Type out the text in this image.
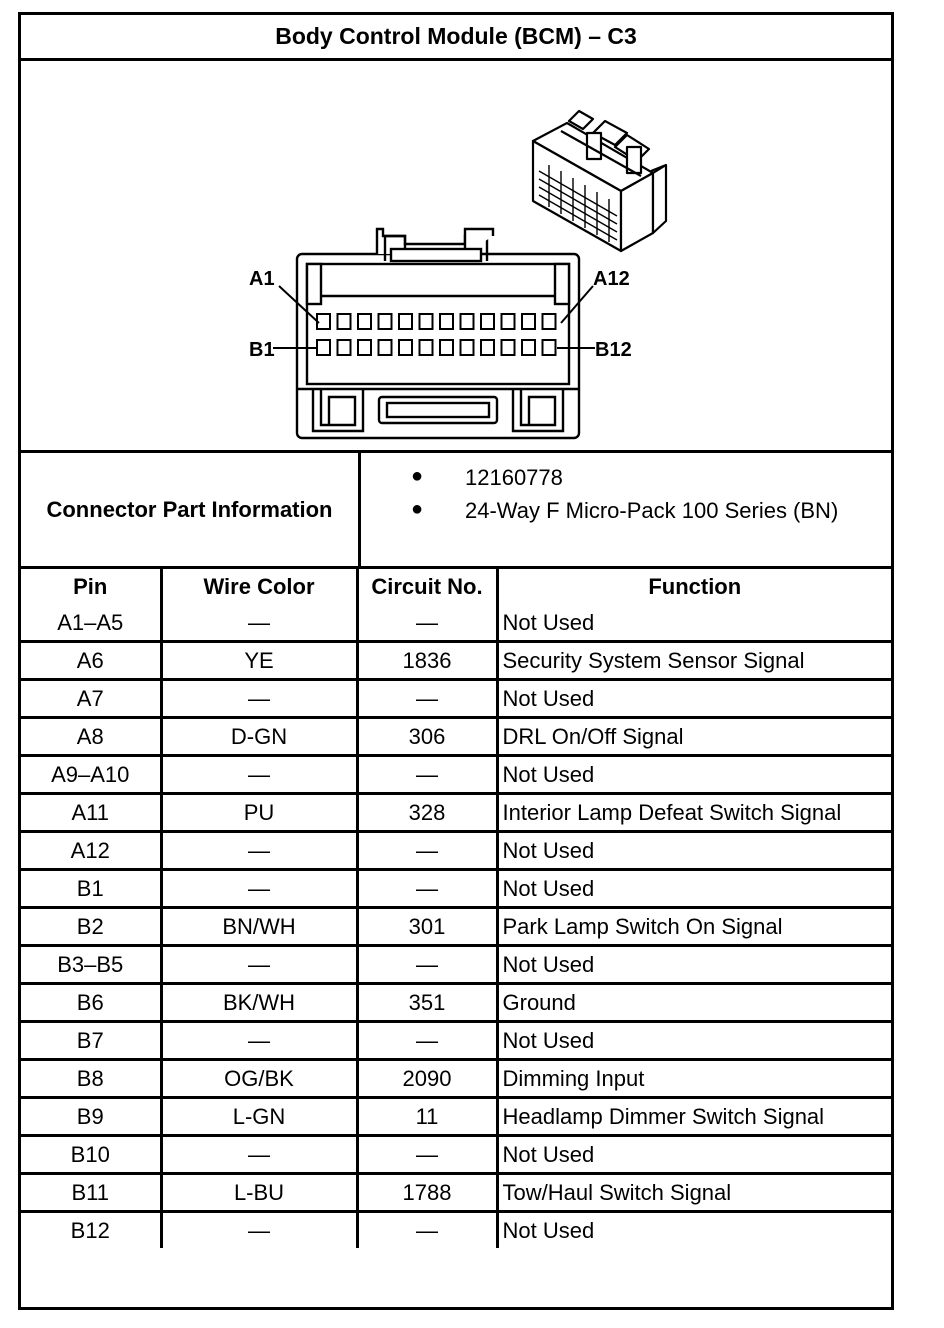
Body Control Module (BCM) – C3
A1	A12
B1	B12
Connector Part Information
● 12160778
● 24-Way F Micro-Pack 100 Series (BN)
Pin	Wire Color	Circuit No.	Function
A1–A5	—	—	Not Used
A6	YE	1836	Security System Sensor Signal
A7	—	—	Not Used
A8	D-GN	306	DRL On/Off Signal
A9–A10	—	—	Not Used
A11	PU	328	Interior Lamp Defeat Switch Signal
A12	—	—	Not Used
B1	—	—	Not Used
B2	BN/WH	301	Park Lamp Switch On Signal
B3–B5	—	—	Not Used
B6	BK/WH	351	Ground
B7	—	—	Not Used
B8	OG/BK	2090	Dimming Input
B9	L-GN	11	Headlamp Dimmer Switch Signal
B10	—	—	Not Used
B11	L-BU	1788	Tow/Haul Switch Signal
B12	—	—	Not Used
